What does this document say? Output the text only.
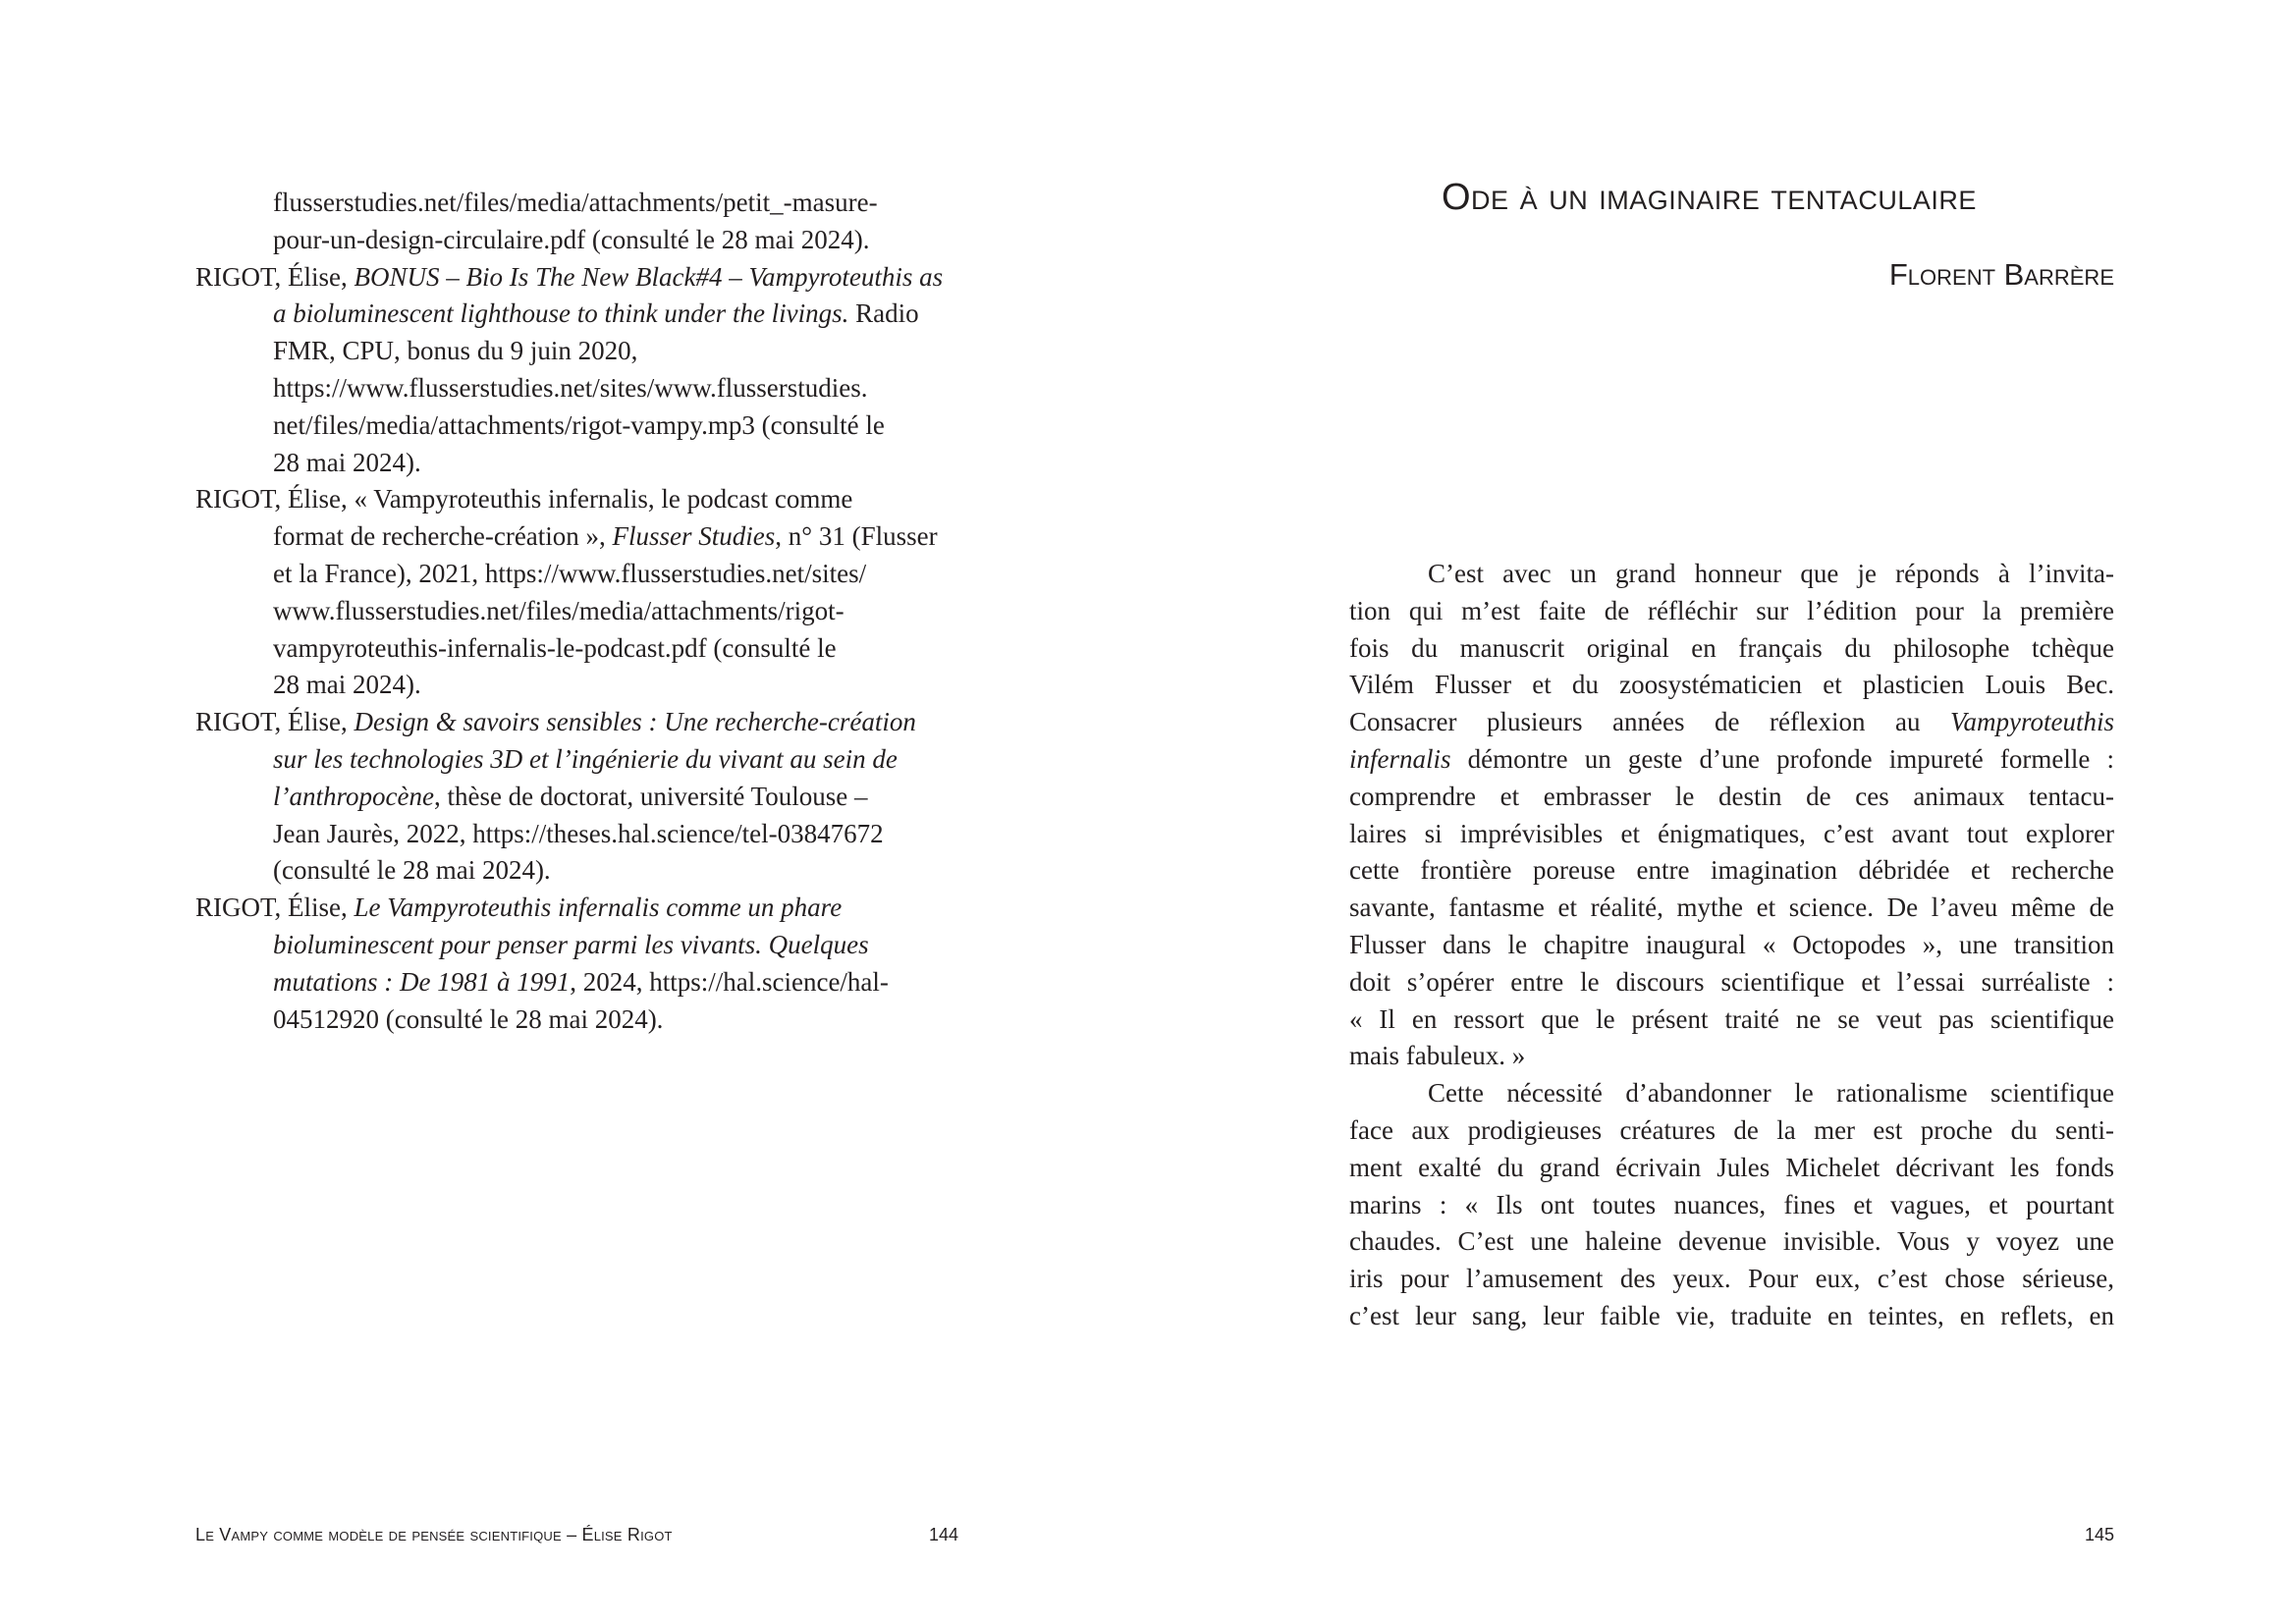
flusserstudies.net/files/media/attachments/petit_-masure-
pour-un-design-circulaire.pdf (consulté le 28 mai 2024).
RIGOT, Élise, BONUS – Bio Is The New Black#4 – Vampyroteuthis as
a bioluminescent lighthouse to think under the livings. Radio
FMR, CPU, bonus du 9 juin 2020,
https://www.flusserstudies.net/sites/www.flusserstudies.
net/files/media/attachments/rigot-vampy.mp3 (consulté le
28 mai 2024).
RIGOT, Élise, « Vampyroteuthis infernalis, le podcast comme
format de recherche-création », Flusser Studies, n° 31 (Flusser
et la France), 2021, https://www.flusserstudies.net/sites/
www.flusserstudies.net/files/media/attachments/rigot-
vampyroteuthis-infernalis-le-podcast.pdf (consulté le
28 mai 2024).
RIGOT, Élise, Design & savoirs sensibles : Une recherche-création
sur les technologies 3D et l’ingénierie du vivant au sein de
l’anthropocène, thèse de doctorat, université Toulouse –
Jean Jaurès, 2022, https://theses.hal.science/tel-03847672
(consulté le 28 mai 2024).
RIGOT, Élise, Le Vampyroteuthis infernalis comme un phare
bioluminescent pour penser parmi les vivants. Quelques
mutations : De 1981 à 1991, 2024, https://hal.science/hal-
04512920 (consulté le 28 mai 2024).
Ode à un imaginaire tentaculaire
Florent Barrère
C’est avec un grand honneur que je réponds à l’invita-
tion qui m’est faite de réfléchir sur l’édition pour la première
fois du manuscrit original en français du philosophe tchèque
Vilém Flusser et du zoosystématicien et plasticien Louis Bec.
Consacrer plusieurs années de réflexion au Vampyroteuthis
infernalis démontre un geste d’une profonde impureté formelle :
comprendre et embrasser le destin de ces animaux tentacu-
laires si imprévisibles et énigmatiques, c’est avant tout explorer
cette frontière poreuse entre imagination débridée et recherche
savante, fantasme et réalité, mythe et science. De l’aveu même de
Flusser dans le chapitre inaugural « Octopodes », une transition
doit s’opérer entre le discours scientifique et l’essai surréaliste :
« Il en ressort que le présent traité ne se veut pas scientifique
mais fabuleux. »
Cette nécessité d’abandonner le rationalisme scientifique
face aux prodigieuses créatures de la mer est proche du senti-
ment exalté du grand écrivain Jules Michelet décrivant les fonds
marins : « Ils ont toutes nuances, fines et vagues, et pourtant
chaudes. C’est une haleine devenue invisible. Vous y voyez une
iris pour l’amusement des yeux. Pour eux, c’est chose sérieuse,
c’est leur sang, leur faible vie, traduite en teintes, en reflets, en
Le Vampy comme modèle de pensée scientifique – Élise Rigot	144	145
